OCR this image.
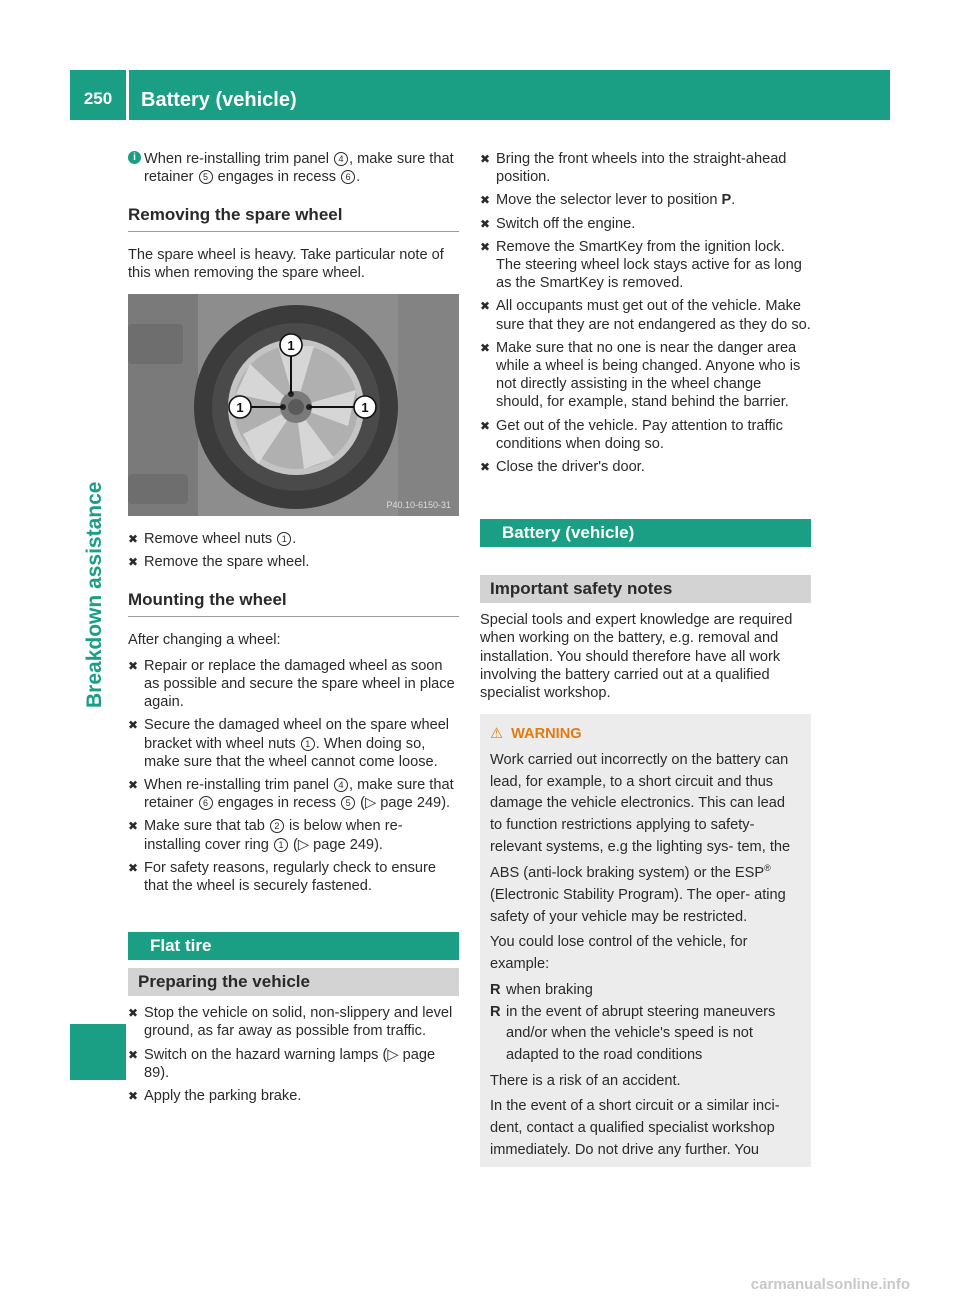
250	Battery (vehicle)
Breakdown assistance
i When re-installing trim panel 4 , make sure that retainer 5 engages in recess 6 .
Removing the spare wheel
The spare wheel is heavy. Take particular note of this when removing the spare wheel.
1
1	1
P40.10-6150-31
✖ Remove wheel nuts 1 .
✖ Remove the spare wheel.
Mounting the wheel
After changing a wheel:
✖ Repair or replace the damaged wheel as soon as possible and secure the spare wheel in place again.
✖ Secure the damaged wheel on the spare wheel bracket with wheel nuts 1 . When doing so, make sure that the wheel cannot come loose.
✖ When re-installing trim panel 4 , make sure that retainer 6 engages in recess 5 (▷ page 249).
✖ Make sure that tab 2 is below when re-installing cover ring 1 (▷ page 249).
✖ For safety reasons, regularly check to ensure that the wheel is securely fastened.
Flat tire
Preparing the vehicle
✖ Stop the vehicle on solid, non-slippery and level ground, as far away as possible from traffic.
✖ Switch on the hazard warning lamps (▷ page 89).
✖ Apply the parking brake.
✖ Bring the front wheels into the straight-ahead position.
✖ Move the selector lever to position P.
✖ Switch off the engine.
✖ Remove the SmartKey from the ignition lock. The steering wheel lock stays active for as long as the SmartKey is removed.
✖ All occupants must get out of the vehicle. Make sure that they are not endangered as they do so.
✖ Make sure that no one is near the danger area while a wheel is being changed. Anyone who is not directly assisting in the wheel change should, for example, stand behind the barrier.
✖ Get out of the vehicle. Pay attention to traffic conditions when doing so.
✖ Close the driver's door.
Battery (vehicle)
Important safety notes
Special tools and expert knowledge are required when working on the battery, e.g. removal and installation. You should therefore have all work involving the battery carried out at a qualified specialist workshop.
⚠ WARNING
Work carried out incorrectly on the battery can lead, for example, to a short circuit and thus damage the vehicle electronics. This can lead to function restrictions applying to safety-relevant systems, e.g the lighting sys- tem, the ABS (anti-lock braking system) or the ESP® (Electronic Stability Program). The oper- ating safety of your vehicle may be restricted.
You could lose control of the vehicle, for example:
R when braking
R in the event of abrupt steering maneuvers and/or when the vehicle's speed is not adapted to the road conditions
There is a risk of an accident.
In the event of a short circuit or a similar inci- dent, contact a qualified specialist workshop immediately. Do not drive any further. You
carmanualsonline.info
